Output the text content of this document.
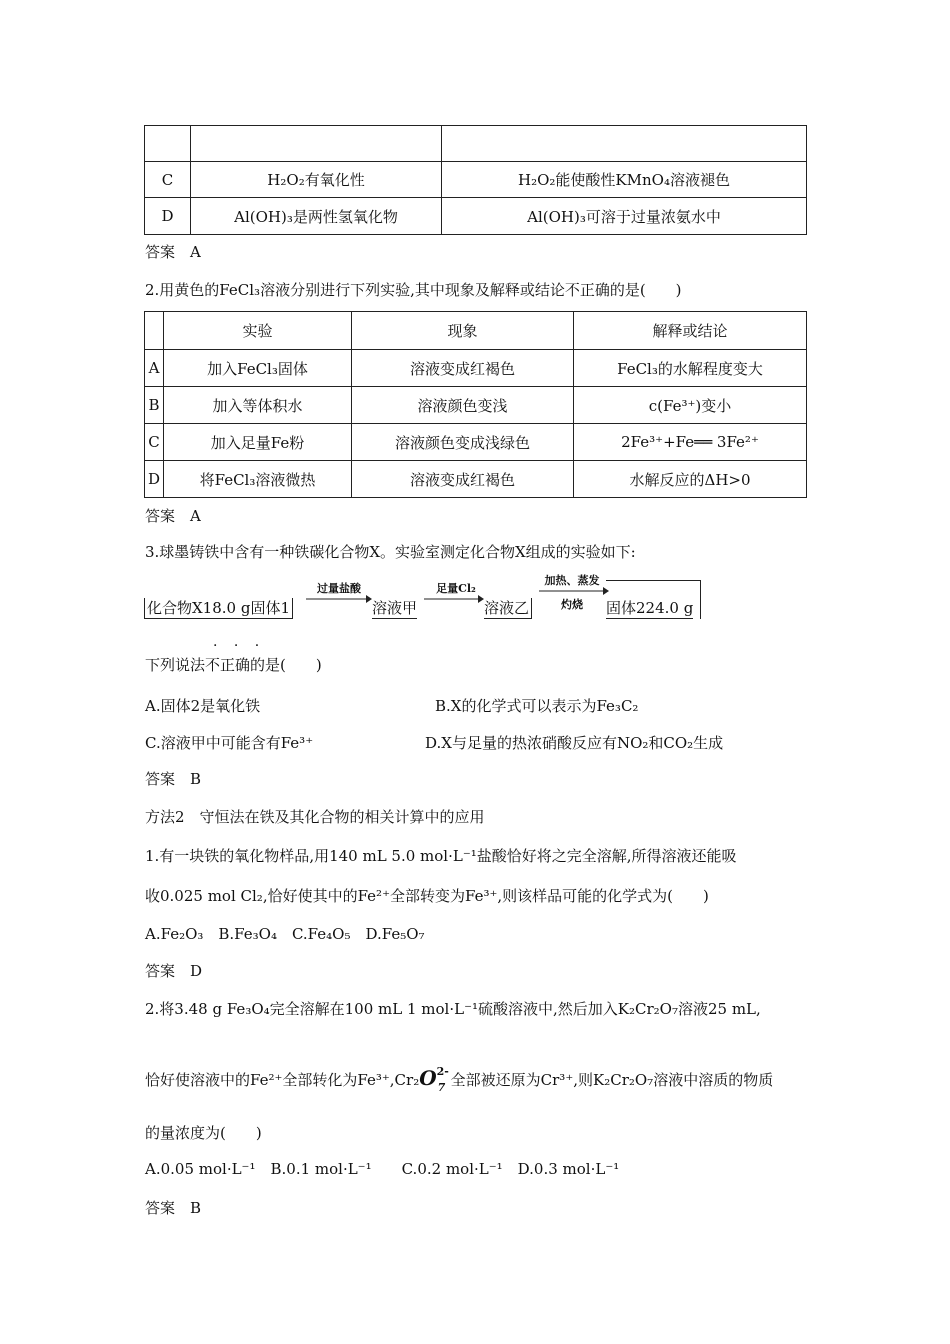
C	H₂O₂有氧化性	H₂O₂能使酸性KMnO₄溶液褪色
D	Al(OH)₃是两性氢氧化物	Al(OH)₃可溶于过量浓氨水中
答案　A
2.用黄色的FeCl₃溶液分别进行下列实验,其中现象及解释或结论不正确的是(　　)
	实验	现象	解释或结论
A	加入FeCl₃固体	溶液变成红褐色	FeCl₃的水解程度变大
B	加入等体积水	溶液颜色变浅	c(Fe³⁺)变小
C	加入足量Fe粉	溶液颜色变成浅绿色	2Fe³⁺+Fe══ 3Fe²⁺
D	将FeCl₃溶液微热	溶液变成红褐色	水解反应的ΔH>0
答案　A
3.球墨铸铁中含有一种铁碳化合物X。实验室测定化合物X组成的实验如下:
化合物X18.0 g固体1
过量盐酸
溶液甲
足量Cl₂
溶液乙
加热、蒸发
灼烧	固体224.0 g
· · ·
下列说法不正确的是(　　)
A.固体2是氧化铁	B.X的化学式可以表示为Fe₃C₂
C.溶液甲中可能含有Fe³⁺	D.X与足量的热浓硝酸反应有NO₂和CO₂生成
答案　B
方法2　守恒法在铁及其化合物的相关计算中的应用
1.有一块铁的氧化物样品,用140 mL 5.0 mol·L⁻¹盐酸恰好将之完全溶解,所得溶液还能吸
收0.025 mol Cl₂,恰好使其中的Fe²⁺全部转变为Fe³⁺,则该样品可能的化学式为(　　)
A.Fe₂O₃　B.Fe₃O₄　C.Fe₄O₅　D.Fe₅O₇
答案　D
2.将3.48 g Fe₃O₄完全溶解在100 mL 1 mol·L⁻¹硫酸溶液中,然后加入K₂Cr₂O₇溶液25 mL,
恰好使溶液中的Fe²⁺全部转化为Fe³⁺,Cr₂O 2-
7 全部被还原为Cr³⁺,则K₂Cr₂O₇溶液中溶质的物质
的量浓度为(　　)
A.0.05 mol·L⁻¹　B.0.1 mol·L⁻¹　　C.0.2 mol·L⁻¹　D.0.3 mol·L⁻¹
答案　B
